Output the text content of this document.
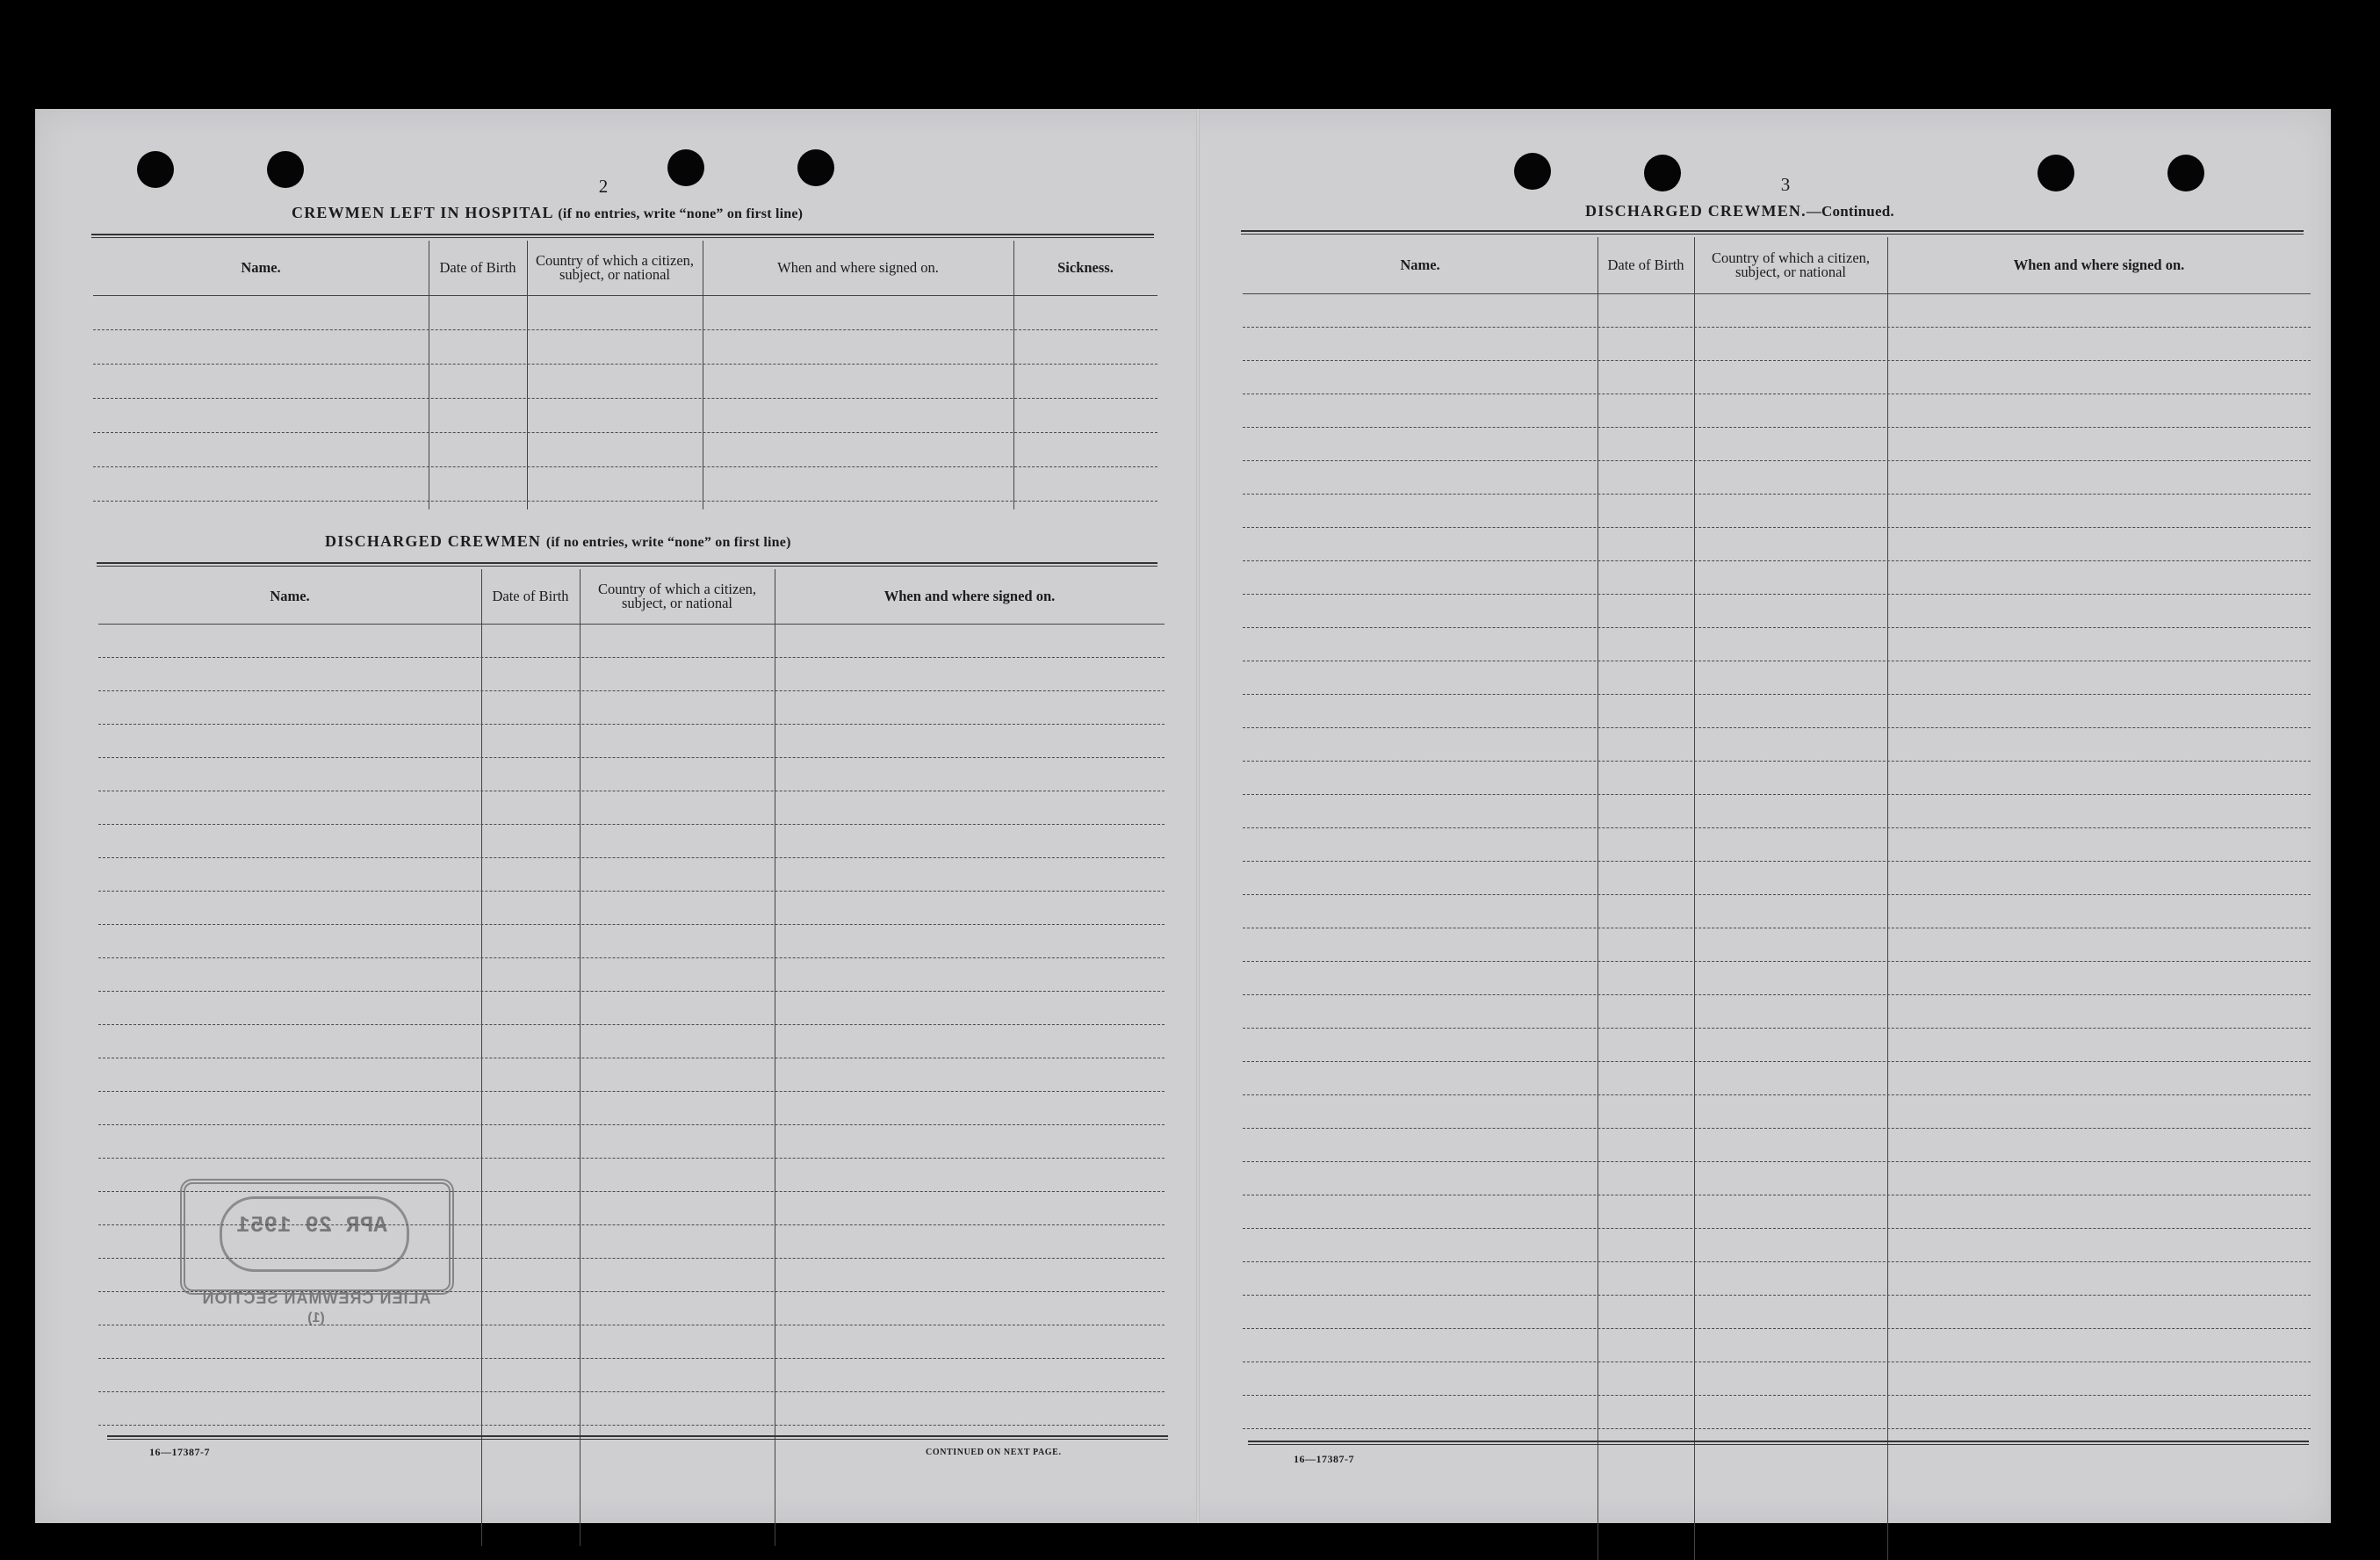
2
CREWMEN LEFT IN HOSPITAL (if no entries, write “none” on first line)
Name.	Date of Birth	Country of which a citizen, subject, or national	When and where signed on.	Sickness.
DISCHARGED CREWMEN (if no entries, write “none” on first line)
Name.	Date of Birth	Country of which a citizen, subject, or national	When and where signed on.
16—17387-7	CONTINUED ON NEXT PAGE.
APR 29 1951
ALIEN CREWMAN SECTION
(1)
3
DISCHARGED CREWMEN.—Continued.
Name.	Date of Birth	Country of which a citizen, subject, or national	When and where signed on.
16—17387-7
